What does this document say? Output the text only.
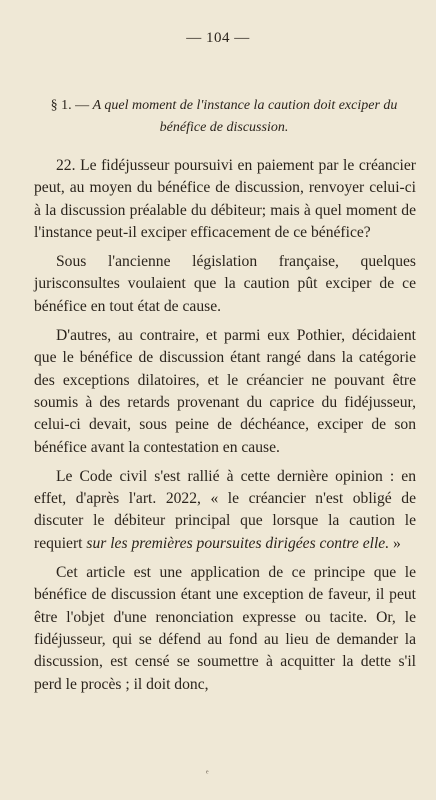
— 104 —
§ 1. — A quel moment de l'instance la caution doit exciper du bénéfice de discussion.

22. Le fidéjusseur poursuivi en paiement par le créancier peut, au moyen du bénéfice de discussion, renvoyer celui-ci à la discussion préalable du débiteur; mais à quel moment de l'instance peut-il exciper efficacement de ce bénéfice?

Sous l'ancienne législation française, quelques jurisconsultes voulaient que la caution pût exciper de ce bénéfice en tout état de cause.

D'autres, au contraire, et parmi eux Pothier, décidaient que le bénéfice de discussion étant rangé dans la catégorie des exceptions dilatoires, et le créancier ne pouvant être soumis à des retards provenant du caprice du fidéjusseur, celui-ci devait, sous peine de déchéance, exciper de son bénéfice avant la contestation en cause.

Le Code civil s'est rallié à cette dernière opinion : en effet, d'après l'art. 2022, « le créancier n'est obligé de discuter le débiteur principal que lorsque la caution le requiert sur les premières poursuites dirigées contre elle. »

Cet article est une application de ce principe que le bénéfice de discussion étant une exception de faveur, il peut être l'objet d'une renonciation expresse ou tacite. Or, le fidéjusseur, qui se défend au fond au lieu de demander la discussion, est censé se soumettre à acquitter la dette s'il perd le procès ; il doit donc,

ᵉ
